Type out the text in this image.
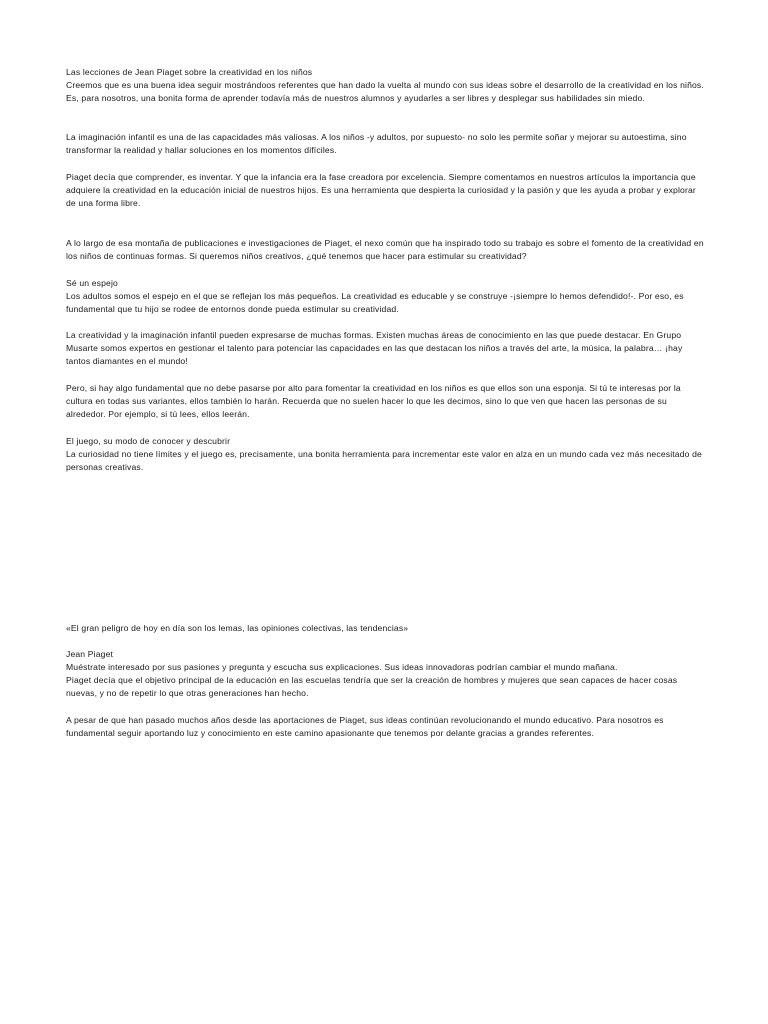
Las lecciones de Jean Piaget sobre la creatividad en los niños

Creemos que es una buena idea seguir mostrándoos referentes que han dado la vuelta al mundo con sus ideas sobre el desarrollo de la creatividad en los niños. Es, para nosotros, una bonita forma de aprender todavía más de nuestros alumnos y ayudarles a ser libres y desplegar sus habilidades sin miedo.

La imaginación infantil es una de las capacidades más valiosas. A los niños -y adultos, por supuesto- no solo les permite soñar y mejorar su autoestima, sino transformar la realidad y hallar soluciones en los momentos difíciles.

Piaget decía que comprender, es inventar. Y que la infancia era la fase creadora por excelencia. Siempre comentamos en nuestros artículos la importancia que adquiere la creatividad en la educación inicial de nuestros hijos. Es una herramienta que despierta la curiosidad y la pasión y que les ayuda a probar y explorar de una forma libre.

A lo largo de esa montaña de publicaciones e investigaciones de Piaget, el nexo común que ha inspirado todo su trabajo es sobre el fomento de la creatividad en los niños de continuas formas. Si queremos niños creativos, ¿qué tenemos que hacer para estimular su creatividad?

Sé un espejo

Los adultos somos el espejo en el que se reflejan los más pequeños. La creatividad es educable y se construye -¡siempre lo hemos defendido!-. Por eso, es fundamental que tu hijo se rodee de entornos donde pueda estimular su creatividad.

La creatividad y la imaginación infantil pueden expresarse de muchas formas. Existen muchas áreas de conocimiento en las que puede destacar. En Grupo Musarte somos expertos en gestionar el talento para potenciar las capacidades en las que destacan los niños a través del arte, la música, la palabra… ¡hay tantos diamantes en el mundo!

Pero, si hay algo fundamental que no debe pasarse por alto para fomentar la creatividad en los niños es que ellos son una esponja. Si tú te interesas por la cultura en todas sus variantes, ellos también lo harán. Recuerda que no suelen hacer lo que les decimos, sino lo que ven que hacen las personas de su alrededor. Por ejemplo, si tú lees, ellos leerán.

El juego, su modo de conocer y descubrir

La curiosidad no tiene límites y el juego es, precisamente, una bonita herramienta para incrementar este valor en alza en un mundo cada vez más necesitado de personas creativas.

«El gran peligro de hoy en día son los lemas, las opiniones colectivas, las tendencias»

Jean Piaget

Muéstrate interesado por sus pasiones y pregunta y escucha sus explicaciones. Sus ideas innovadoras podrían cambiar el mundo mañana.

Piaget decía que el objetivo principal de la educación en las escuelas tendría que ser la creación de hombres y mujeres que sean capaces de hacer cosas nuevas, y no de repetir lo que otras generaciones han hecho.

A pesar de que han pasado muchos años desde las aportaciones de Piaget, sus ideas continúan revolucionando el mundo educativo. Para nosotros es fundamental seguir aportando luz y conocimiento en este camino apasionante que tenemos por delante gracias a grandes referentes.
